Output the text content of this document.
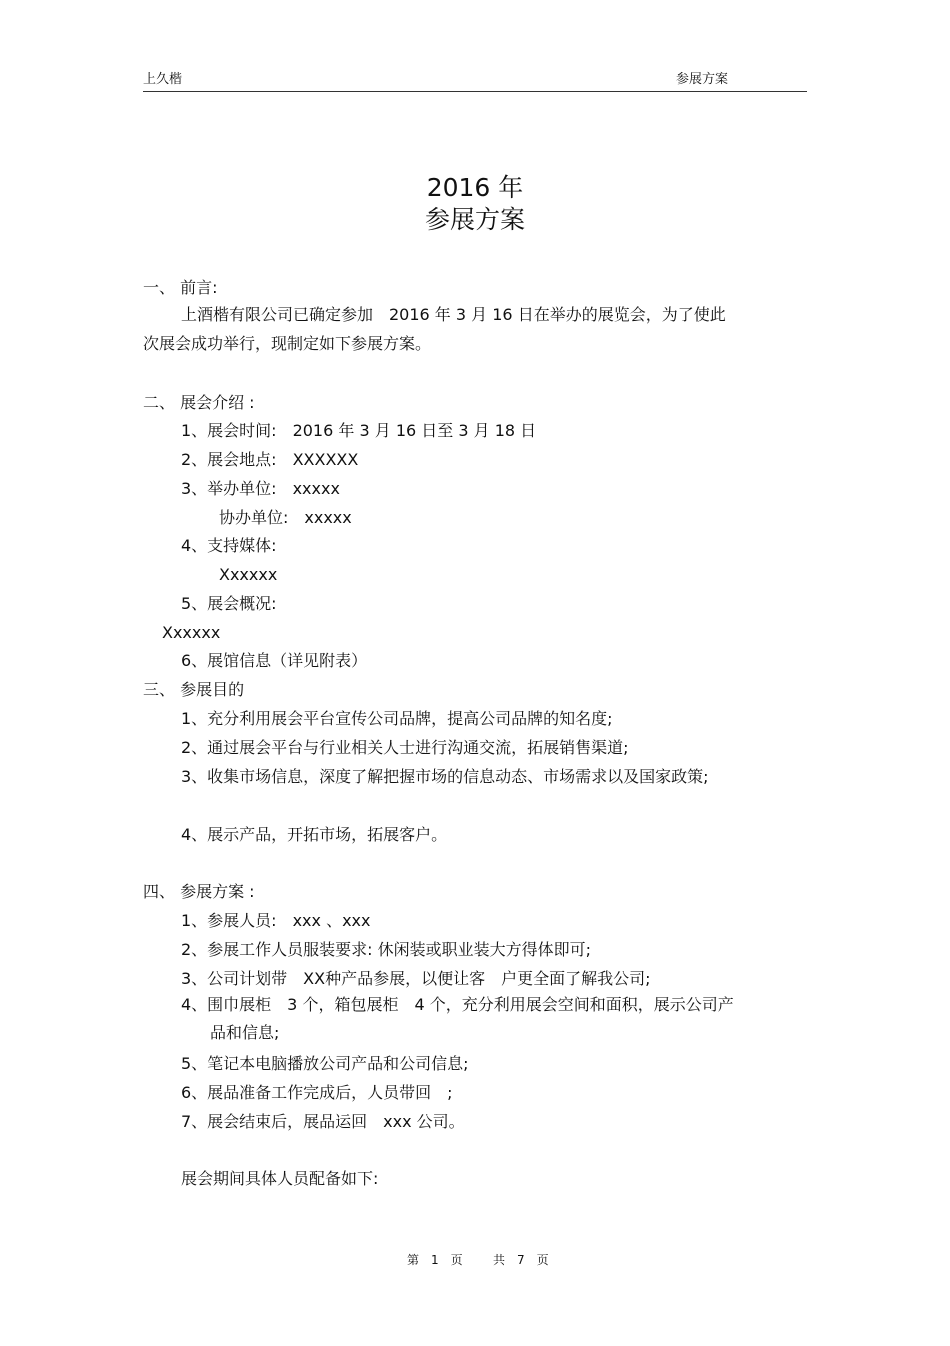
上久楷	参展方案
2016 年
参展方案
一、 前言:
上酒楷有限公司已确定参加　2016 年 3 月 16 日在举办的展览会，为了使此
次展会成功举行，现制定如下参展方案。
二、 展会介绍 :
1、展会时间:　2016 年 3 月 16 日至 3 月 18 日
2、展会地点:　XXXXXX
3、举办单位:　xxxxx
协办单位:　xxxxx
4、支持媒体:
Xxxxxx
5、展会概况:
Xxxxxx
6、展馆信息（详见附表）
三、 参展目的
1、充分利用展会平台宣传公司品牌，提高公司品牌的知名度;
2、通过展会平台与行业相关人士进行沟通交流，拓展销售渠道;
3、收集市场信息，深度了解把握市场的信息动态、市场需求以及国家政策;
4、展示产品，开拓市场，拓展客户。
四、 参展方案 :
1、参展人员:　xxx 、xxx
2、参展工作人员服装要求: 休闲装或职业装大方得体即可;
3、公司计划带　XX种产品参展，以便让客　户更全面了解我公司;
4、围巾展柜　3 个，箱包展柜　4 个，充分利用展会空间和面积，展示公司产
品和信息;
5、笔记本电脑播放公司产品和公司信息;
6、展品准备工作完成后，人员带回　;
7、展会结束后，展品运回　xxx 公司。
展会期间具体人员配备如下:
第　1　页	共　7　页
